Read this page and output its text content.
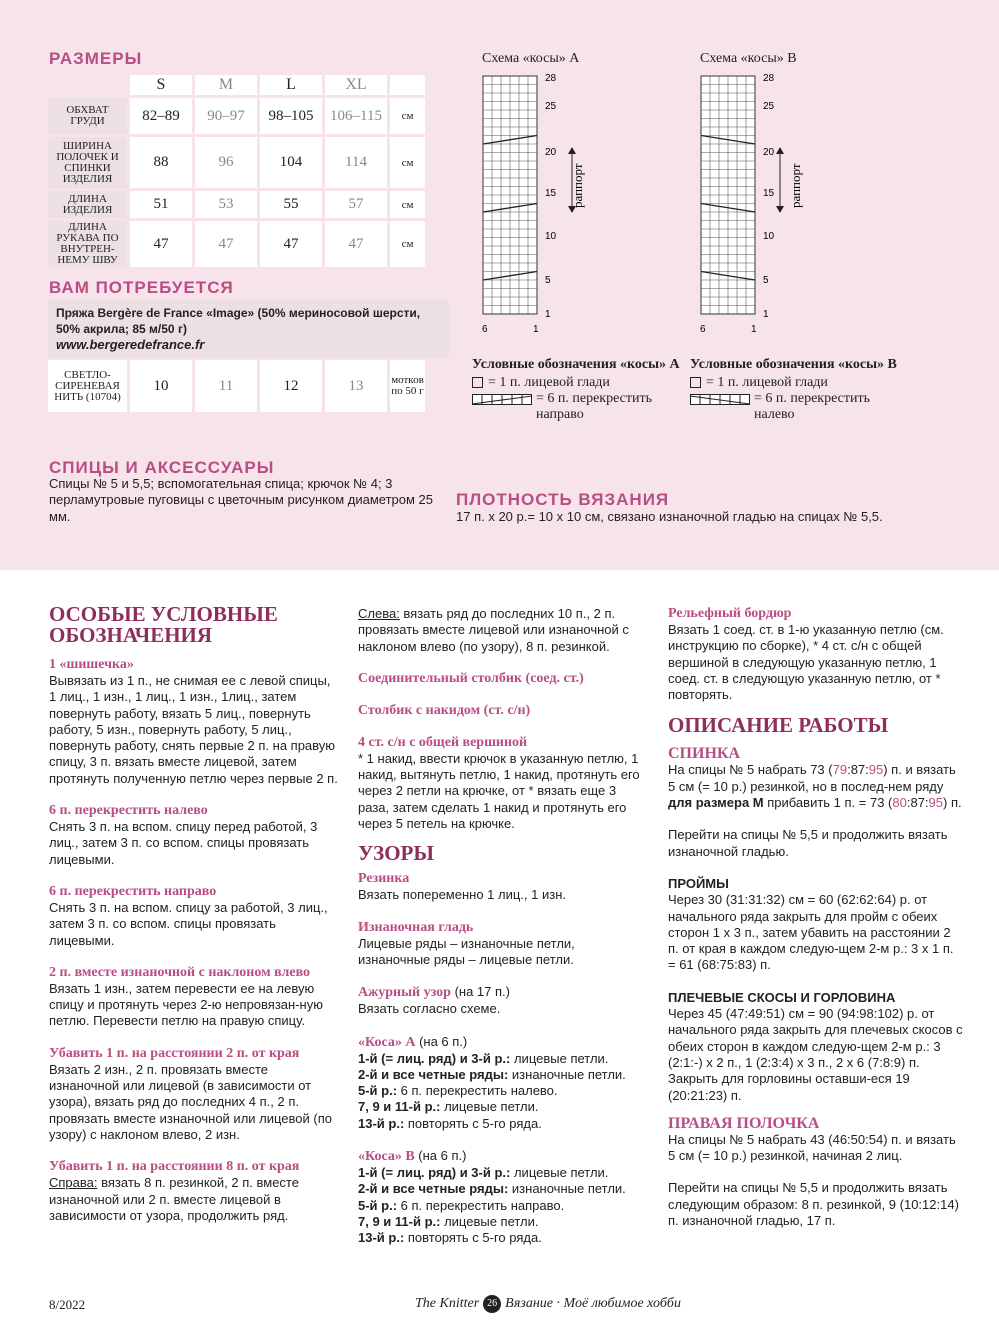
РАЗМЕРЫ
	S	M	L	XL	
ОБХВАТ ГРУДИ	82–89	90–97	98–105	106–115	см
ШИРИНА ПОЛОЧЕК И СПИНКИ ИЗДЕЛИЯ	88	96	104	114	см
ДЛИНА ИЗДЕЛИЯ	51	53	55	57	см
ДЛИНА РУКАВА ПО ВНУТРЕН-НЕМУ ШВУ	47	47	47	47	см
ВАМ ПОТРЕБУЕТСЯ
Пряжа Bergère de France «Image» (50% мериносовой шерсти, 50% акрила; 85 м/50 г)
www.bergeredefrance.fr
СВЕТЛО-СИРЕНЕВАЯ НИТЬ (10704)	10	11	12	13	мотков по 50 г
СПИЦЫ И АКСЕССУАРЫ
Спицы № 5 и 5,5; вспомогательная спица; крючок № 4; 3 перламутровые пуговицы с цветочным рисунком диаметром 25 мм.
Схема «косы» А	Схема «косы» В
28
25
20
15
10
5
1
6	1
раппорт
28
25
20
15
10
5
1
6	1
раппорт
Условные обозначения «косы» А
= 1 п. лицевой глади
= 6 п. перекрестить направо
Условные обозначения «косы» В
= 1 п. лицевой глади
= 6 п. перекрестить налево
ПЛОТНОСТЬ ВЯЗАНИЯ
17 п. х 20 р.= 10 х 10 см, связано изнаночной гладью на спицах № 5,5.
ОСОБЫЕ УСЛОВНЫЕ ОБОЗНАЧЕНИЯ
1 «шишечка»

Вывязать из 1 п., не снимая ее с левой спицы, 1 лиц., 1 изн., 1 лиц., 1 изн., 1лиц., затем повернуть работу, вязать 5 лиц., повернуть работу, 5 изн., повернуть работу, 5 лиц., повернуть работу, снять первые 2 п. на правую спицу, 3 п. вязать вместе лицевой, затем протянуть полученную петлю через первые 2 п.

6 п. перекрестить налево

Снять 3 п. на вспом. спицу перед работой, 3 лиц., затем 3 п. со вспом. спицы провязать лицевыми.

6 п. перекрестить направо

Снять 3 п. на вспом. спицу за работой, 3 лиц., затем 3 п. со вспом. спицы провязать лицевыми.

2 п. вместе изнаночной с наклоном влево

Вязать 1 изн., затем перевести ее на левую спицу и протянуть через 2-ю непровязан-ную петлю. Перевести петлю на правую спицу.

Убавить 1 п. на расстоянии 2 п. от края

Вязать 2 изн., 2 п. провязать вместе изнаночной или лицевой (в зависимости от узора), вязать ряд до последних 4 п., 2 п. провязать вместе изнаночной или лицевой (по узору) с наклоном влево, 2 изн.

Убавить 1 п. на расстоянии 8 п. от края

Справа: вязать 8 п. резинкой, 2 п. вместе изнаночной или 2 п. вместе лицевой в зависимости от узора, продолжить ряд.

Слева: вязать ряд до последних 10 п., 2 п. провязать вместе лицевой или изнаночной с наклоном влево (по узору), 8 п. резинкой.

Соединительный столбик (соед. ст.)
Столбик с накидом (ст. с/н)
4 ст. с/н с общей вершиной

* 1 накид, ввести крючок в указанную петлю, 1 накид, вытянуть петлю, 1 накид, протянуть его через 2 петли на крючке, от * вязать еще 3 раза, затем сделать 1 накид и протянуть его через 5 петель на крючке.

УЗОРЫ
Резинка

Вязать попеременно 1 лиц., 1 изн.

Изнаночная гладь

Лицевые ряды – изнаночные петли, изнаночные ряды – лицевые петли.

Ажурный узор (на 17 п.)

Вязать согласно схеме.

«Коса» А (на 6 п.)

1-й (= лиц. ряд) и 3-й р.: лицевые петли.

2-й и все четные ряды: изнаночные петли.

5-й р.: 6 п. перекрестить налево.

7, 9 и 11-й р.: лицевые петли.

13-й р.: повторять с 5-го ряда.

«Коса» В (на 6 п.)

1-й (= лиц. ряд) и 3-й р.: лицевые петли.

2-й и все четные ряды: изнаночные петли.

5-й р.: 6 п. перекрестить направо.

7, 9 и 11-й р.: лицевые петли.

13-й р.: повторять с 5-го ряда.

Рельефный бордюр

Вязать 1 соед. ст. в 1-ю указанную петлю (см. инструкцию по сборке), * 4 ст. с/н с общей вершиной в следующую указанную петлю, 1 соед. ст. в следующую указанную петлю, от * повторять.

ОПИСАНИЕ РАБОТЫ
СПИНКА

На спицы № 5 набрать 73 (79:87:95) п. и вязать 5 см (= 10 р.) резинкой, но в послед-нем ряду для размера М прибавить 1 п. = 73 (80:87:95) п.

Перейти на спицы № 5,5 и продолжить вязать изнаночной гладью.

ПРОЙМЫ

Через 30 (31:31:32) см = 60 (62:62:64) р. от начального ряда закрыть для пройм с обеих сторон 1 х 3 п., затем убавить на расстоянии 2 п. от края в каждом следую-щем 2-м р.: 3 х 1 п. = 61 (68:75:83) п.

ПЛЕЧЕВЫЕ СКОСЫ И ГОРЛОВИНА

Через 45 (47:49:51) см = 90 (94:98:102) р. от начального ряда закрыть для плечевых скосов с обеих сторон в каждом следую-щем 2-м р.: 3 (2:1:-) х 2 п., 1 (2:3:4) х 3 п., 2 х 6 (7:8:9) п. Закрыть для горловины оставши-еся 19 (20:21:23) п.

ПРАВАЯ ПОЛОЧКА

На спицы № 5 набрать 43 (46:50:54) п. и вязать 5 см (= 10 р.) резинкой, начиная 2 лиц.

Перейти на спицы № 5,5 и продолжить вязать следующим образом: 8 п. резинкой, 9 (10:12:14) п. изнаночной гладью, 17 п.

8/2022	The Knitter 26 Вязание · Моё любимое хобби
